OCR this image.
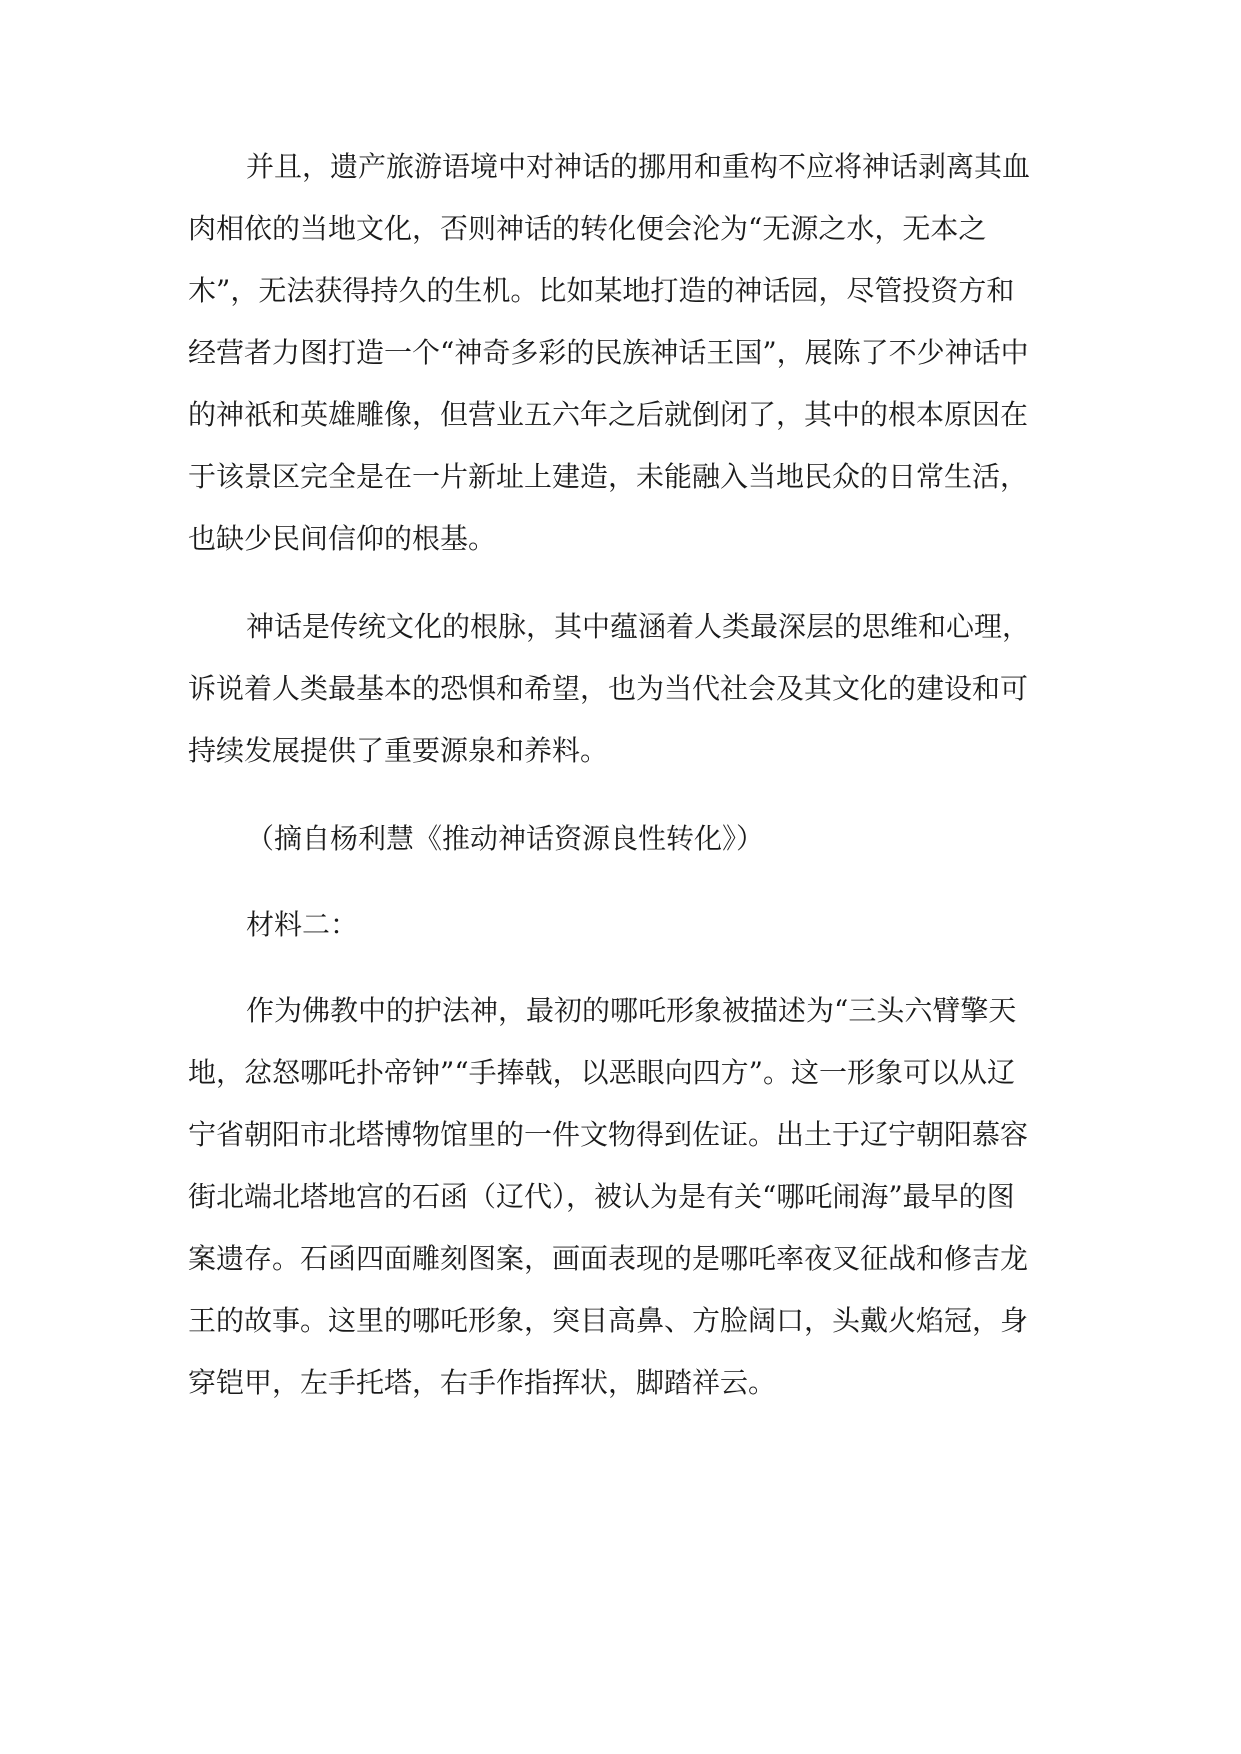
并且，遗产旅游语境中对神话的挪用和重构不应将神话剥离其血
肉相依的当地文化，否则神话的转化便会沦为“无源之水，无本之
木”，无法获得持久的生机。比如某地打造的神话园，尽管投资方和
经营者力图打造一个“神奇多彩的民族神话王国”，展陈了不少神话中
的神祇和英雄雕像，但营业五六年之后就倒闭了，其中的根本原因在
于该景区完全是在一片新址上建造，未能融入当地民众的日常生活，
也缺少民间信仰的根基。
神话是传统文化的根脉，其中蕴涵着人类最深层的思维和心理，
诉说着人类最基本的恐惧和希望，也为当代社会及其文化的建设和可
持续发展提供了重要源泉和养料。
（摘自杨利慧《推动神话资源良性转化》）
材料二：
作为佛教中的护法神，最初的哪吒形象被描述为“三头六臂擎天
地，忿怒哪吒扑帝钟”“手捧戟，以恶眼向四方”。这一形象可以从辽
宁省朝阳市北塔博物馆里的一件文物得到佐证。出土于辽宁朝阳慕容
街北端北塔地宫的石函（辽代），被认为是有关“哪吒闹海”最早的图
案遗存。石函四面雕刻图案，画面表现的是哪吒率夜叉征战和修吉龙
王的故事。这里的哪吒形象，突目高鼻、方脸阔口，头戴火焰冠，身
穿铠甲，左手托塔，右手作指挥状，脚踏祥云。
